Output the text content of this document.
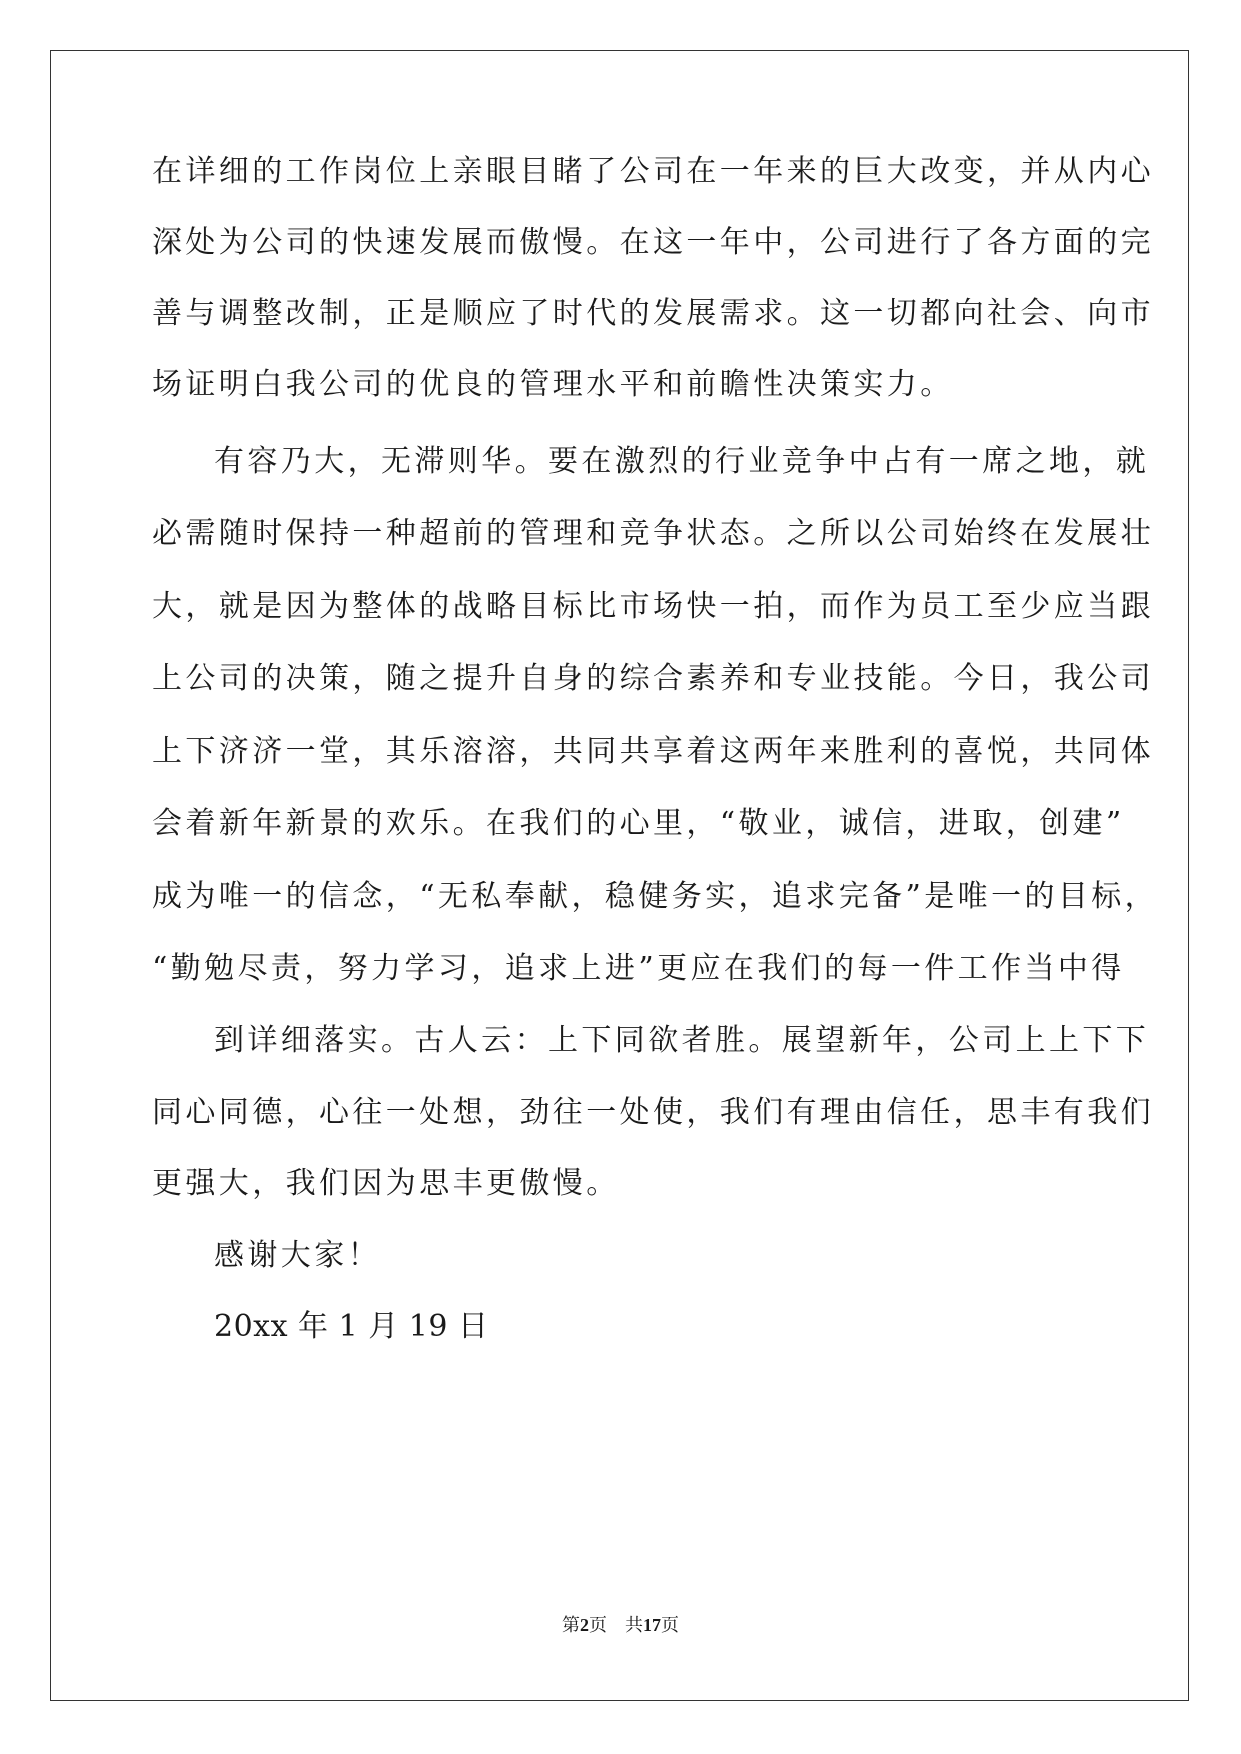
在详细的工作岗位上亲眼目睹了公司在一年来的巨大改变，并从内心
深处为公司的快速发展而傲慢。在这一年中，公司进行了各方面的完
善与调整改制，正是顺应了时代的发展需求。这一切都向社会、向市
场证明白我公司的优良的管理水平和前瞻性决策实力。
有容乃大，无滞则华。要在激烈的行业竞争中占有一席之地，就
必需随时保持一种超前的管理和竞争状态。之所以公司始终在发展壮
大，就是因为整体的战略目标比市场快一拍，而作为员工至少应当跟
上公司的决策，随之提升自身的综合素养和专业技能。今日，我公司
上下济济一堂，其乐溶溶，共同共享着这两年来胜利的喜悦，共同体
会着新年新景的欢乐。在我们的心里，“敬业，诚信，进取，创建”
成为唯一的信念，“无私奉献，稳健务实，追求完备”是唯一的目标，
“勤勉尽责，努力学习，追求上进”更应在我们的每一件工作当中得
到详细落实。古人云：上下同欲者胜。展望新年，公司上上下下
同心同德，心往一处想，劲往一处使，我们有理由信任，思丰有我们
更强大，我们因为思丰更傲慢。
感谢大家！
20xx 年 1 月 19 日
第2页 共17页
